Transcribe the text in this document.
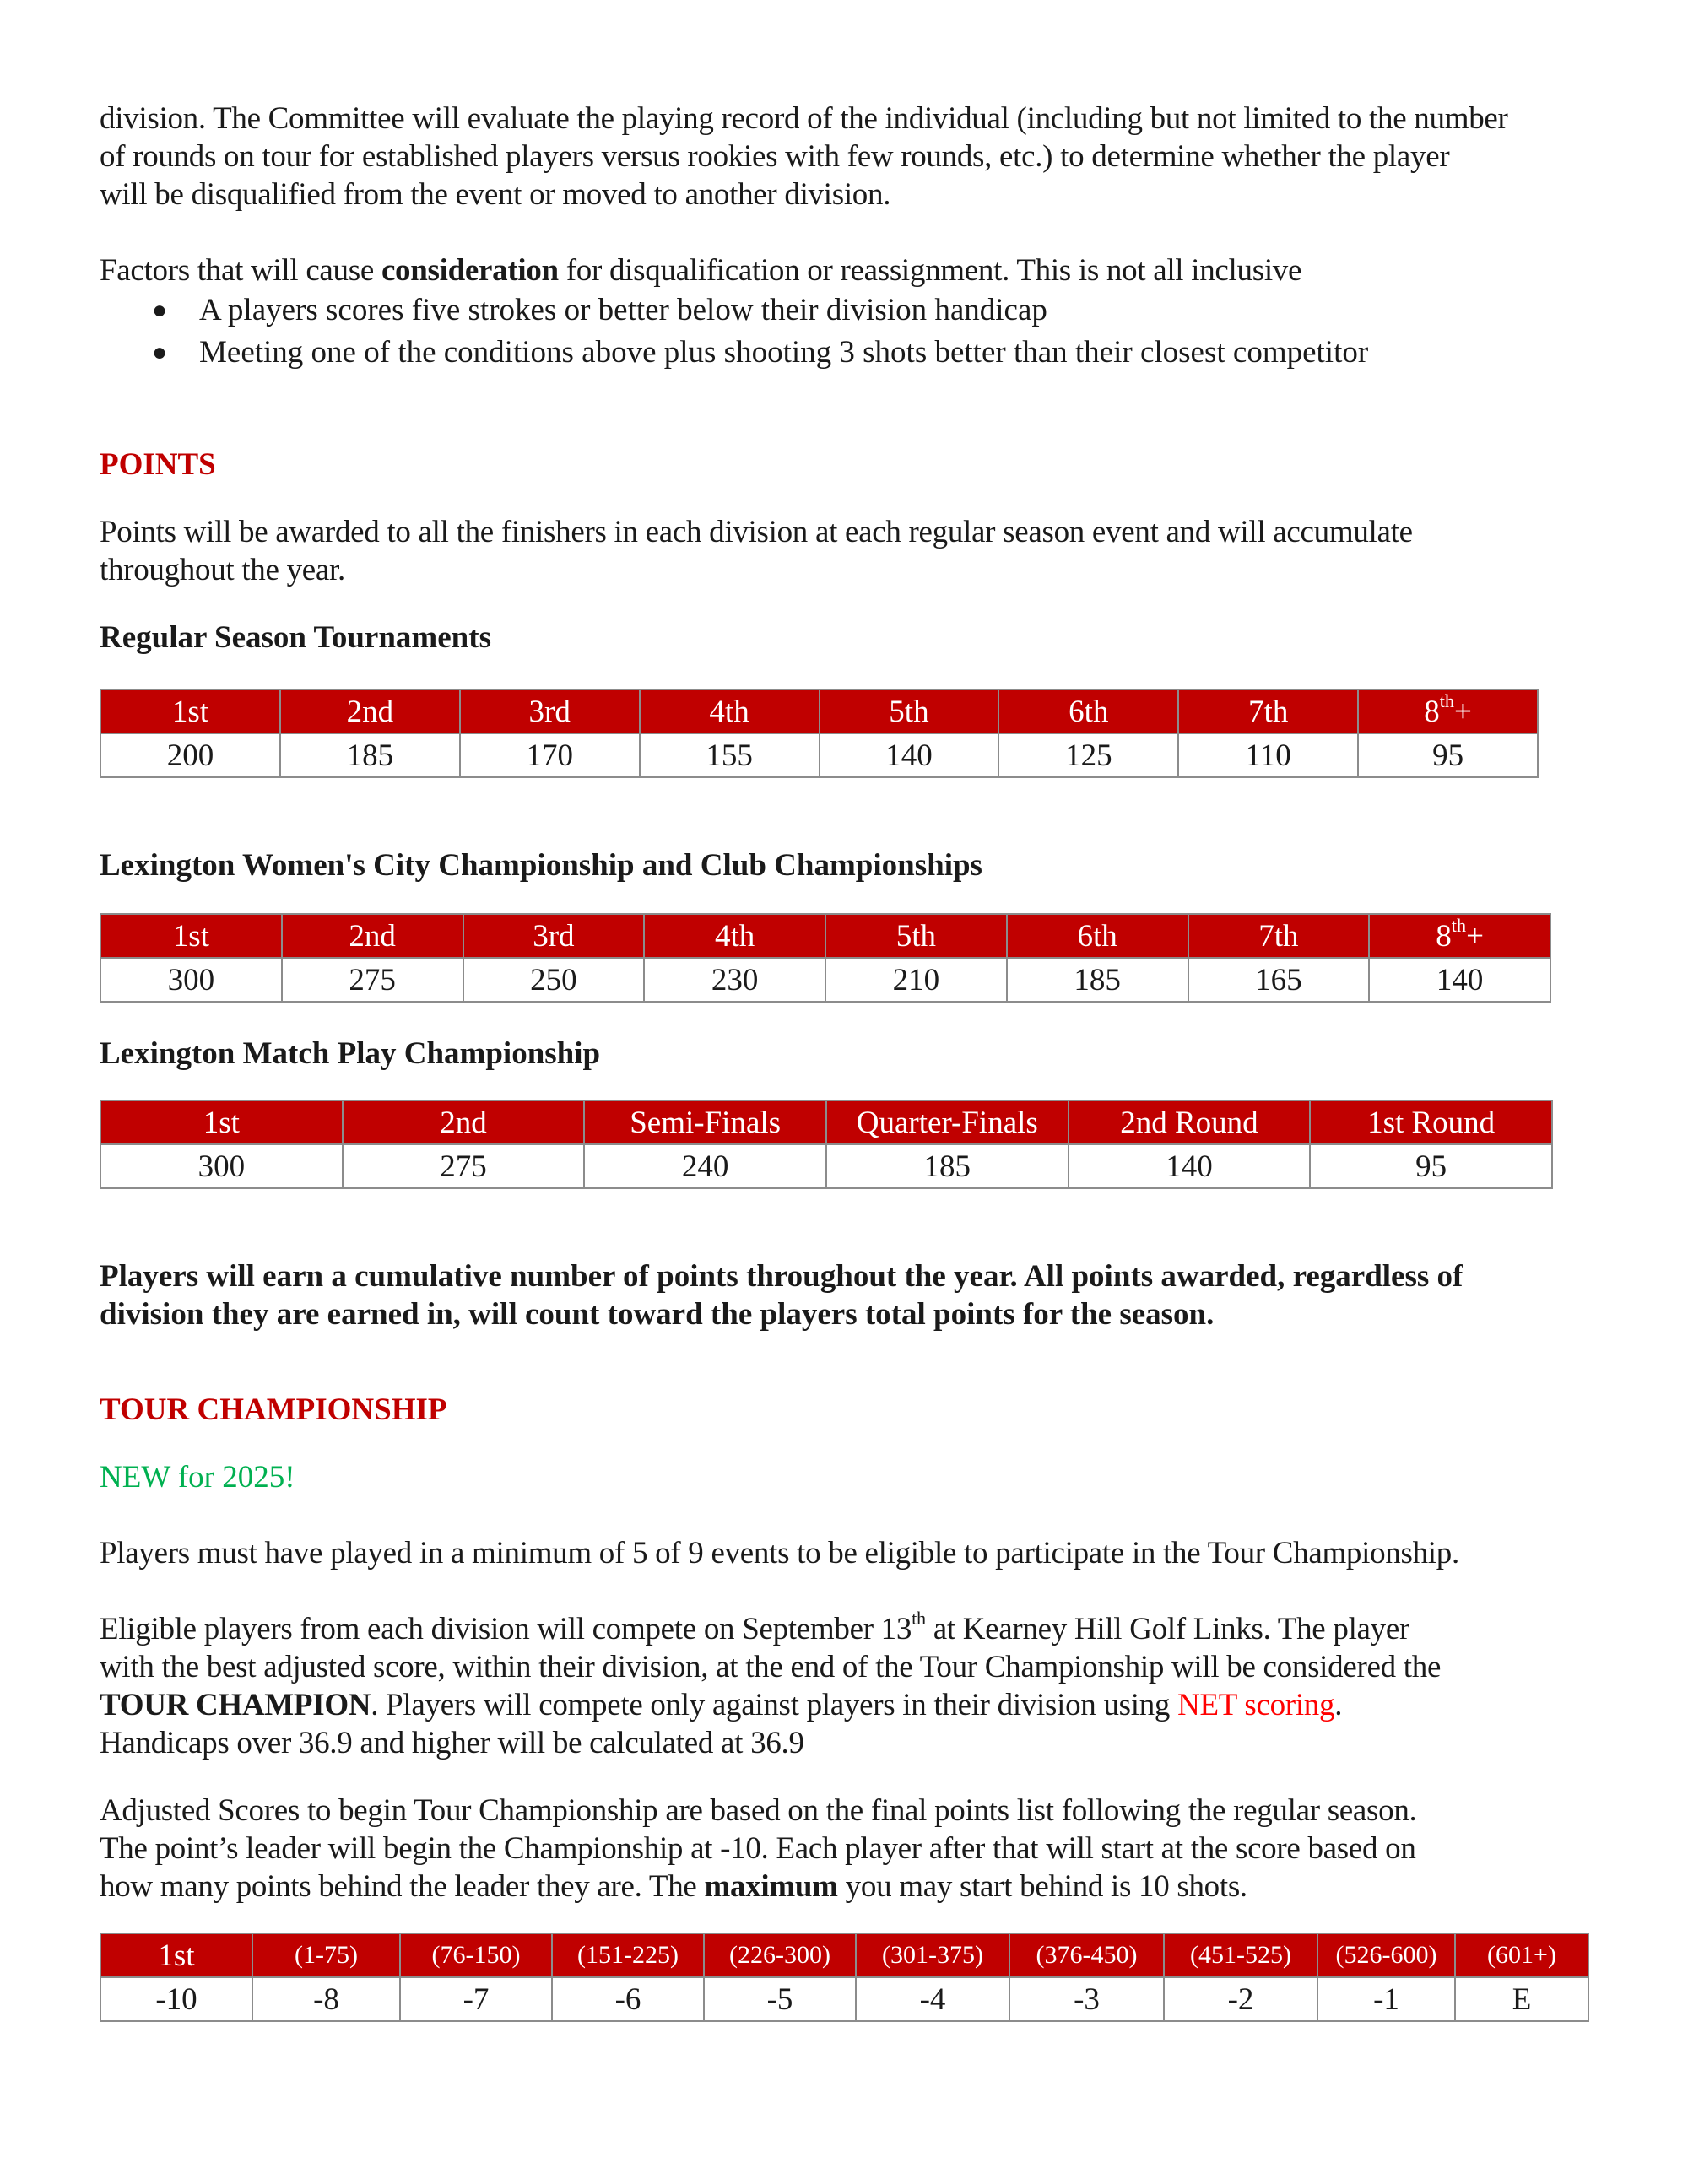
division. The Committee will evaluate the playing record of the individual (including but not limited to the number
of rounds on tour for established players versus rookies with few rounds, etc.) to determine whether the player
will be disqualified from the event or moved to another division.
Factors that will cause consideration for disqualification or reassignment. This is not all inclusive
● A players scores five strokes or better below their division handicap
● Meeting one of the conditions above plus shooting 3 shots better than their closest competitor
POINTS
Points will be awarded to all the finishers in each division at each regular season event and will accumulate
throughout the year.
Regular Season Tournaments
1st	2nd	3rd	4th	5th	6th	7th	8th+
200	185	170	155	140	125	110	95
Lexington Women's City Championship and Club Championships
1st	2nd	3rd	4th	5th	6th	7th	8th+
300	275	250	230	210	185	165	140
Lexington Match Play Championship
1st	2nd	Semi-Finals	Quarter-Finals	2nd Round	1st Round
300	275	240	185	140	95
Players will earn a cumulative number of points throughout the year. All points awarded, regardless of
division they are earned in, will count toward the players total points for the season.
TOUR CHAMPIONSHIP
NEW for 2025!
Players must have played in a minimum of 5 of 9 events to be eligible to participate in the Tour Championship.
Eligible players from each division will compete on September 13th at Kearney Hill Golf Links. The player
with the best adjusted score, within their division, at the end of the Tour Championship will be considered the
TOUR CHAMPION. Players will compete only against players in their division using NET scoring.
Handicaps over 36.9 and higher will be calculated at 36.9
Adjusted Scores to begin Tour Championship are based on the final points list following the regular season.
The point’s leader will begin the Championship at -10. Each player after that will start at the score based on
how many points behind the leader they are. The maximum you may start behind is 10 shots.
1st	(1-75)	(76-150)	(151-225)	(226-300)	(301-375)	(376-450)	(451-525)	(526-600)	(601+)
-10	-8	-7	-6	-5	-4	-3	-2	-1	E
